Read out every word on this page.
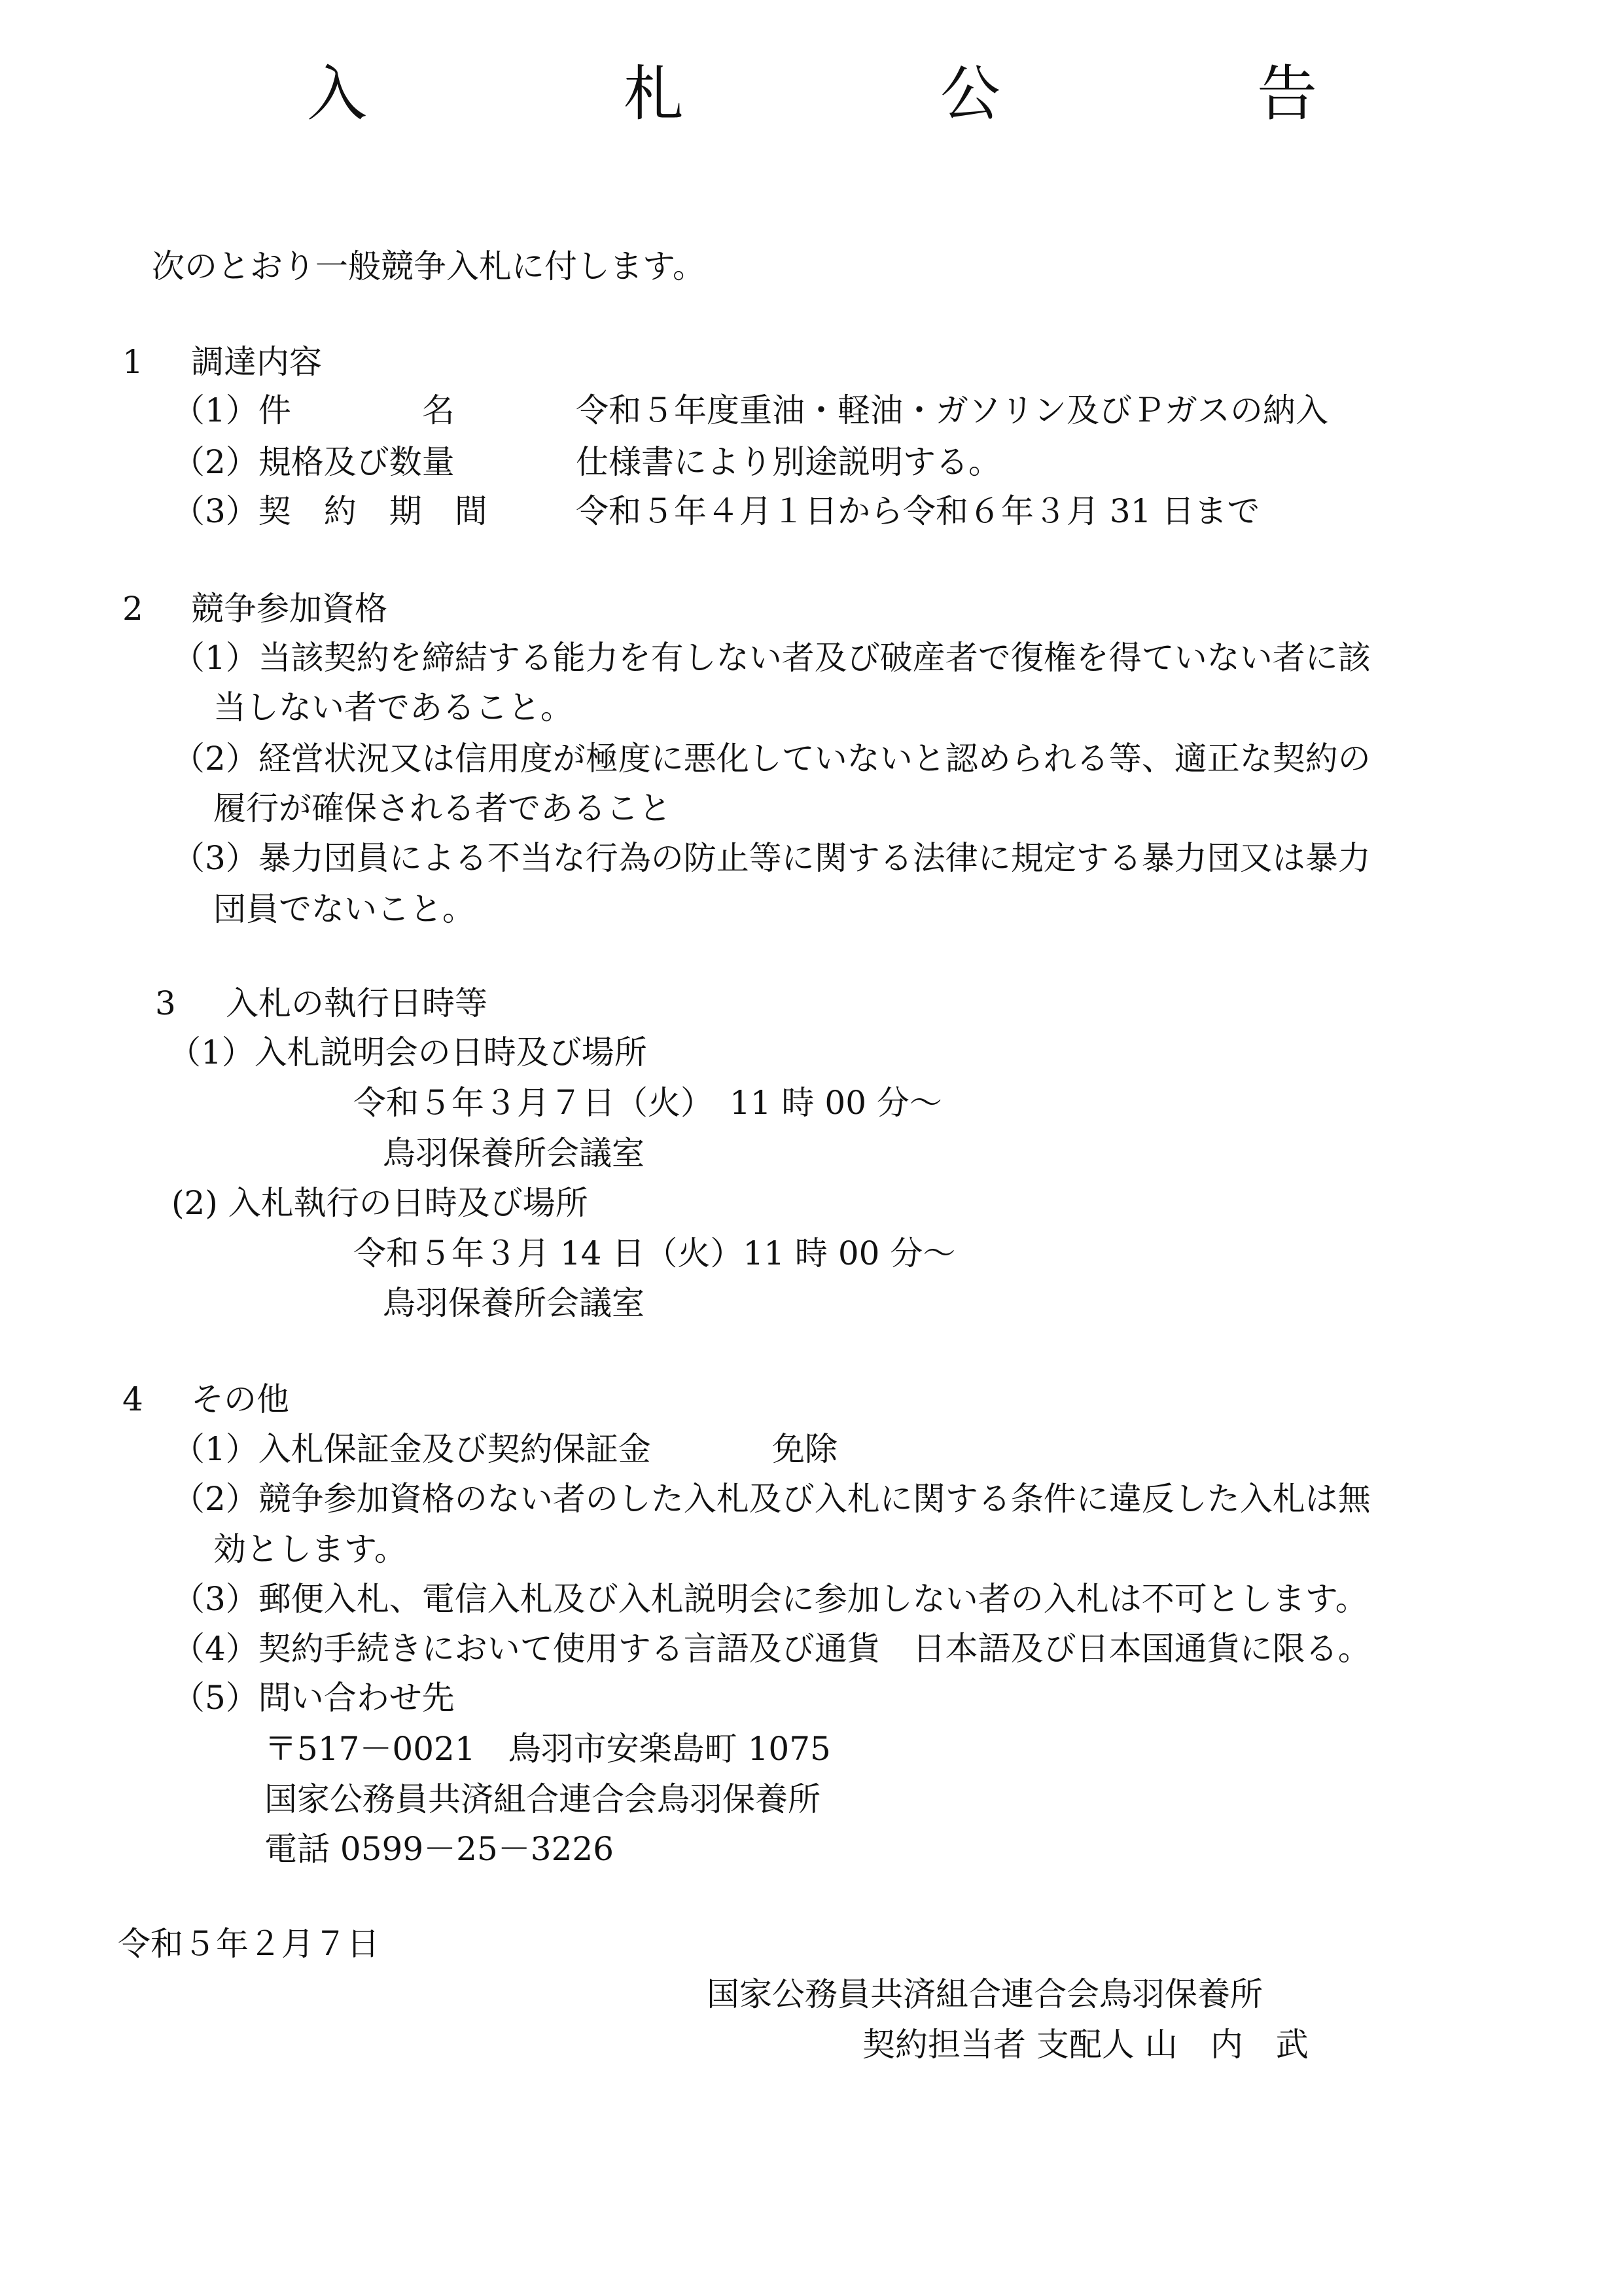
入　札　公　告
次のとおり一般競争入札に付します。
1 調達内容
（1）件　　　　名	令和５年度重油・軽油・ガソリン及びＰガスの納入
（2）規格及び数量	仕様書により別途説明する。
（3）契　約　期　間	令和５年４月１日から令和６年３月 31 日まで
2 競争参加資格
（1）当該契約を締結する能力を有しない者及び破産者で復権を得ていない者に該
当しない者であること。
（2）経営状況又は信用度が極度に悪化していないと認められる等、適正な契約の
履行が確保される者であること
（3）暴力団員による不当な行為の防止等に関する法律に規定する暴力団又は暴力
団員でないこと。
3 入札の執行日時等
（1）入札説明会の日時及び場所
令和５年３月７日（火）　11 時 00 分～
鳥羽保養所会議室
(2) 入札執行の日時及び場所
令和５年３月 14 日（火）11 時 00 分～
鳥羽保養所会議室
4 その他
（1）入札保証金及び契約保証金	免除
（2）競争参加資格のない者のした入札及び入札に関する条件に違反した入札は無
効とします。
（3）郵便入札、電信入札及び入札説明会に参加しない者の入札は不可とします。
（4）契約手続きにおいて使用する言語及び通貨　日本語及び日本国通貨に限る。
（5）問い合わせ先
〒517－0021　鳥羽市安楽島町 1075
国家公務員共済組合連合会鳥羽保養所
電話 0599－25－3226
令和５年２月７日
国家公務員共済組合連合会鳥羽保養所
契約担当者 支配人 山　内　武
